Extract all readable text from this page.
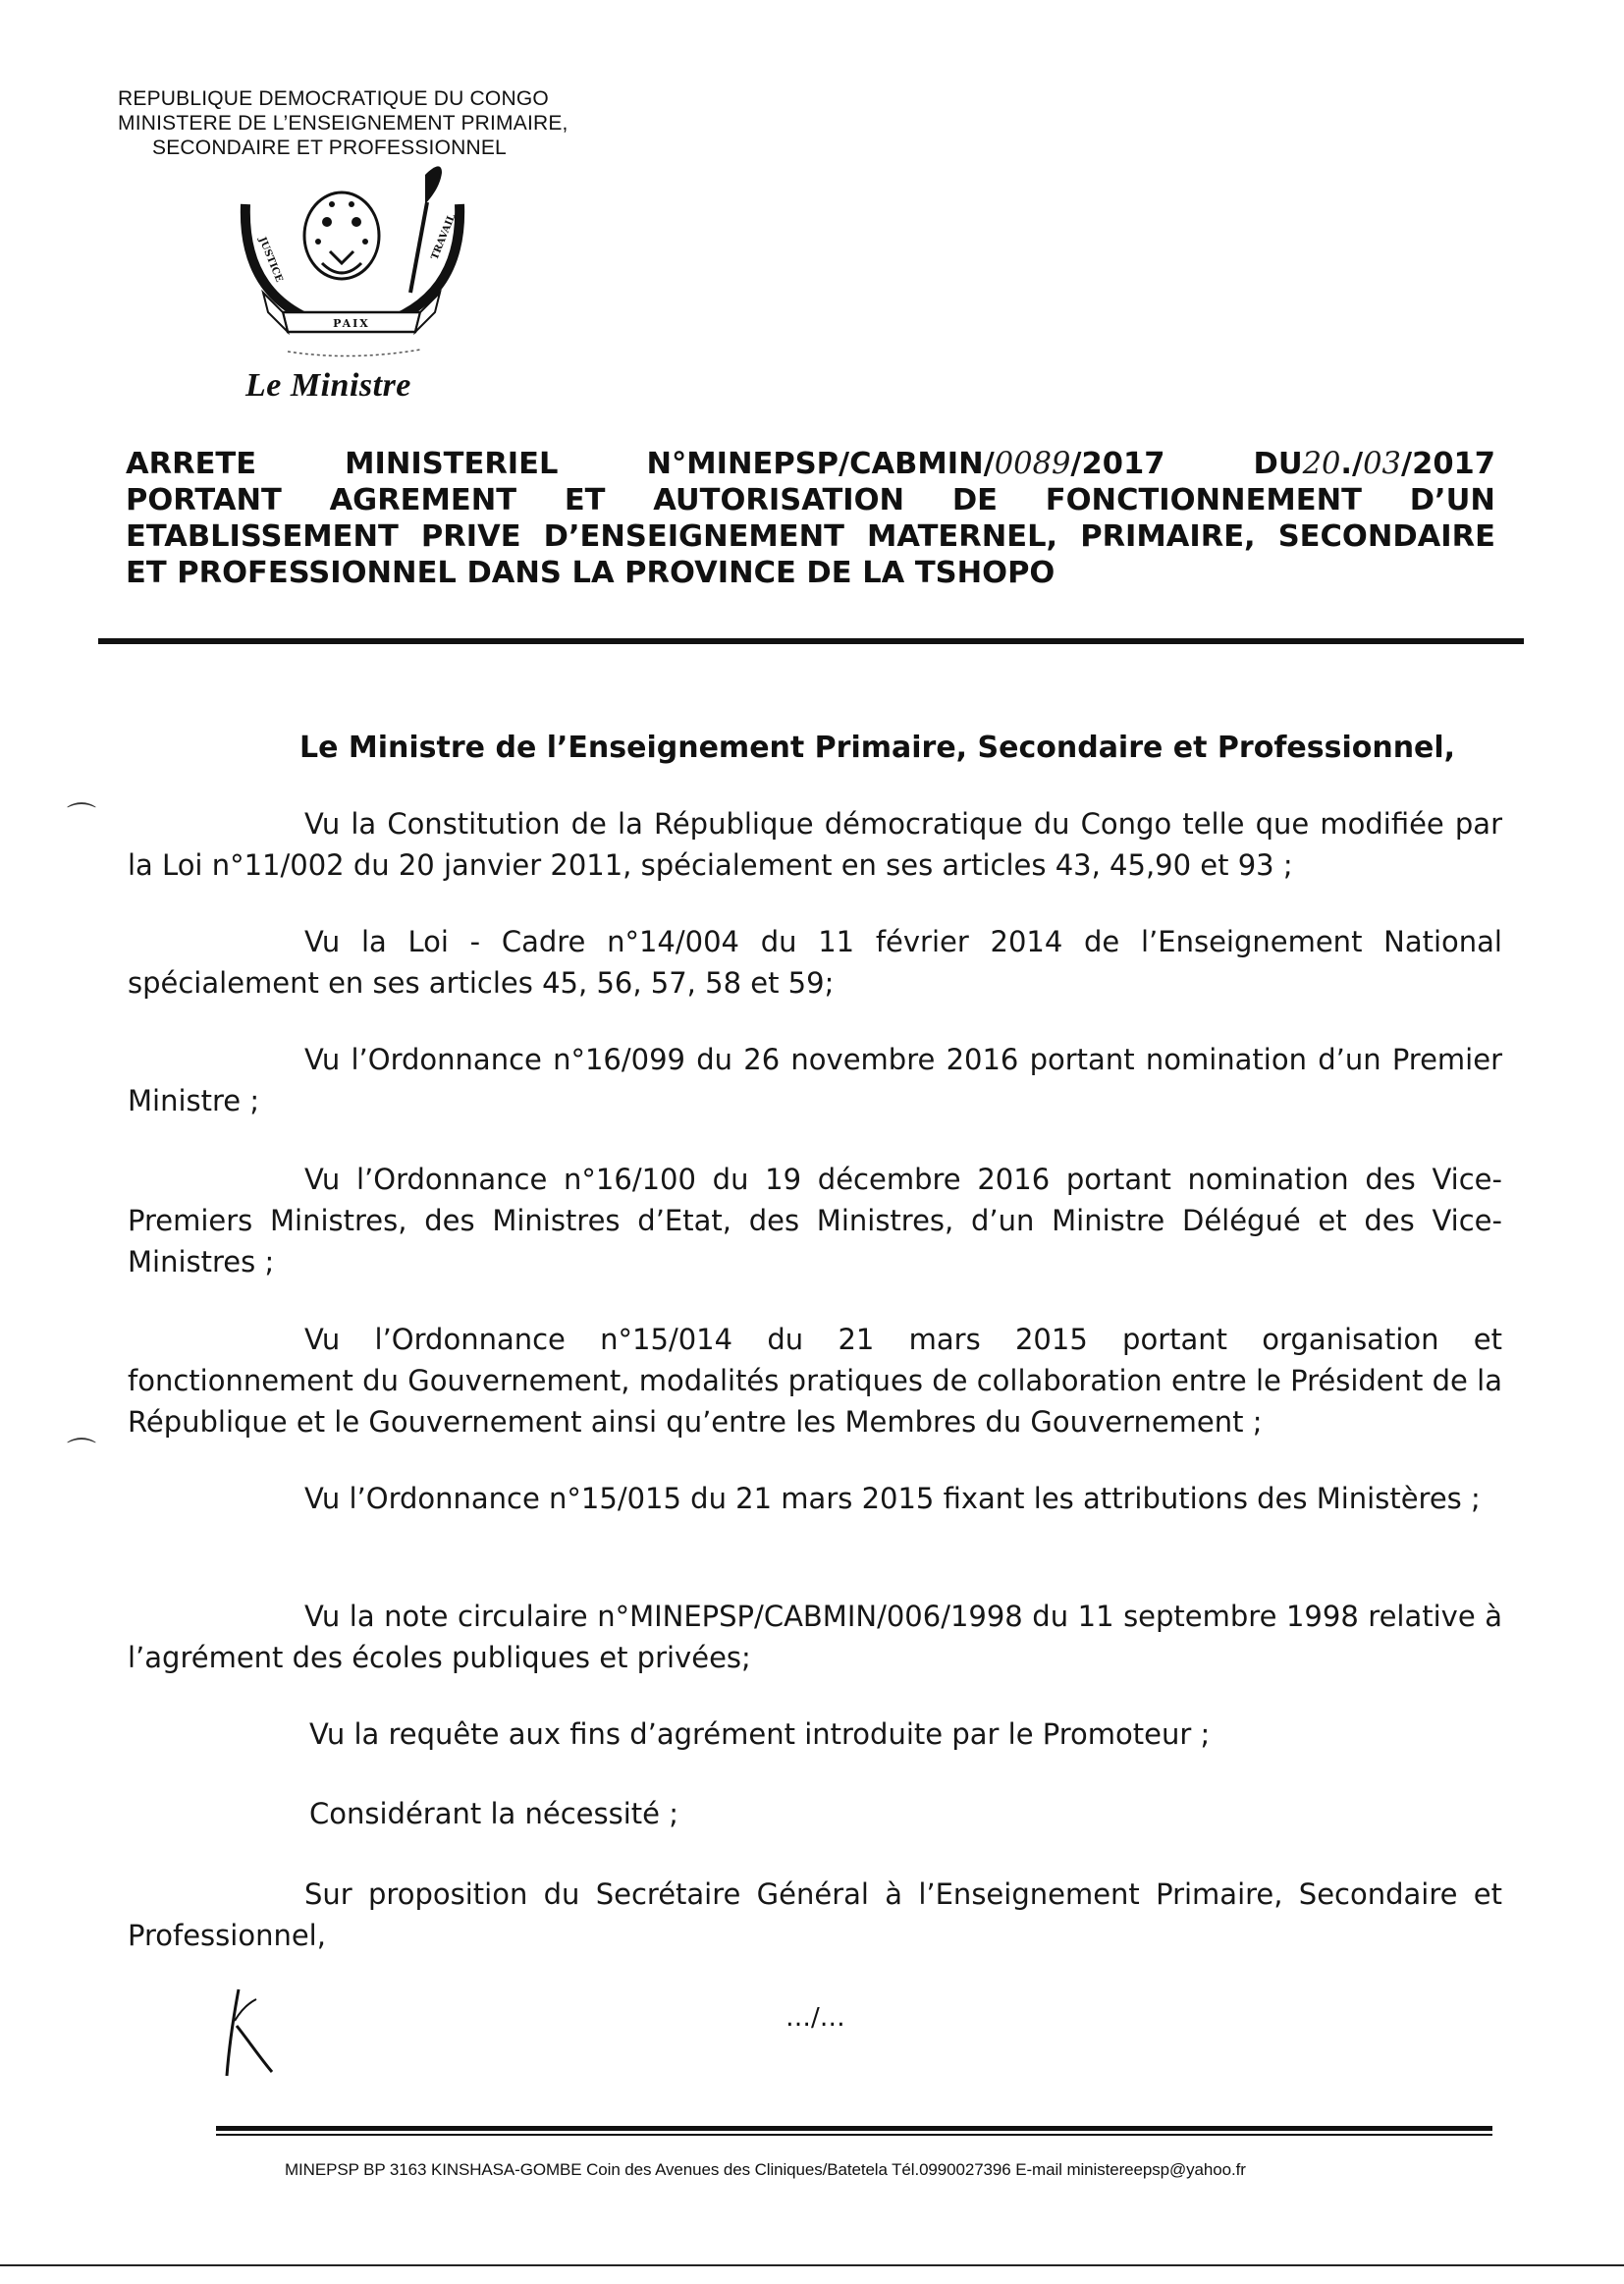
REPUBLIQUE DEMOCRATIQUE DU CONGO
MINISTERE DE L’ENSEIGNEMENT PRIMAIRE,
SECONDAIRE ET PROFESSIONNEL
PAIX
JUSTICE	TRAVAIL
Le Ministre
ARRETE	MINISTERIEL	N°MINEPSP/CABMIN/0089/2017	DU20./03/2017
PORTANT AGREMENT ET AUTORISATION DE FONCTIONNEMENT D’UN
ETABLISSEMENT PRIVE D’ENSEIGNEMENT MATERNEL, PRIMAIRE, SECONDAIRE
ET PROFESSIONNEL DANS LA PROVINCE DE LA TSHOPO
Le Ministre de l’Enseignement Primaire, Secondaire et Professionnel,
Vu la Constitution de la République démocratique du Congo telle que modifiée par la Loi n°11/002 du 20 janvier 2011, spécialement en ses articles 43, 45,90 et 93 ;
Vu la Loi - Cadre n°14/004 du 11 février 2014 de l’Enseignement National spécialement en ses articles 45, 56, 57, 58 et 59;
Vu l’Ordonnance n°16/099 du 26 novembre 2016 portant nomination d’un Premier Ministre ;
Vu l’Ordonnance n°16/100 du 19 décembre 2016 portant nomination des Vice-Premiers Ministres, des Ministres d’Etat, des Ministres, d’un Ministre Délégué et des Vice-Ministres ;
Vu l’Ordonnance n°15/014 du 21 mars 2015 portant organisation et fonctionnement du Gouvernement, modalités pratiques de collaboration entre le Président de la République et le Gouvernement ainsi qu’entre les Membres du Gouvernement ;
Vu l’Ordonnance n°15/015 du 21 mars 2015 fixant les attributions des Ministères ;
Vu la note circulaire n°MINEPSP/CABMIN/006/1998 du 11 septembre 1998 relative à l’agrément des écoles publiques et privées;
Vu la requête aux fins d’agrément introduite par le Promoteur ;
Considérant la nécessité ;
Sur proposition du Secrétaire Général à l’Enseignement Primaire, Secondaire et Professionnel,
⌒
⌒
…/…
MINEPSP BP 3163 KINSHASA-GOMBE Coin des Avenues des Cliniques/Batetela Tél.0990027396 E-mail ministereepsp@yahoo.fr
